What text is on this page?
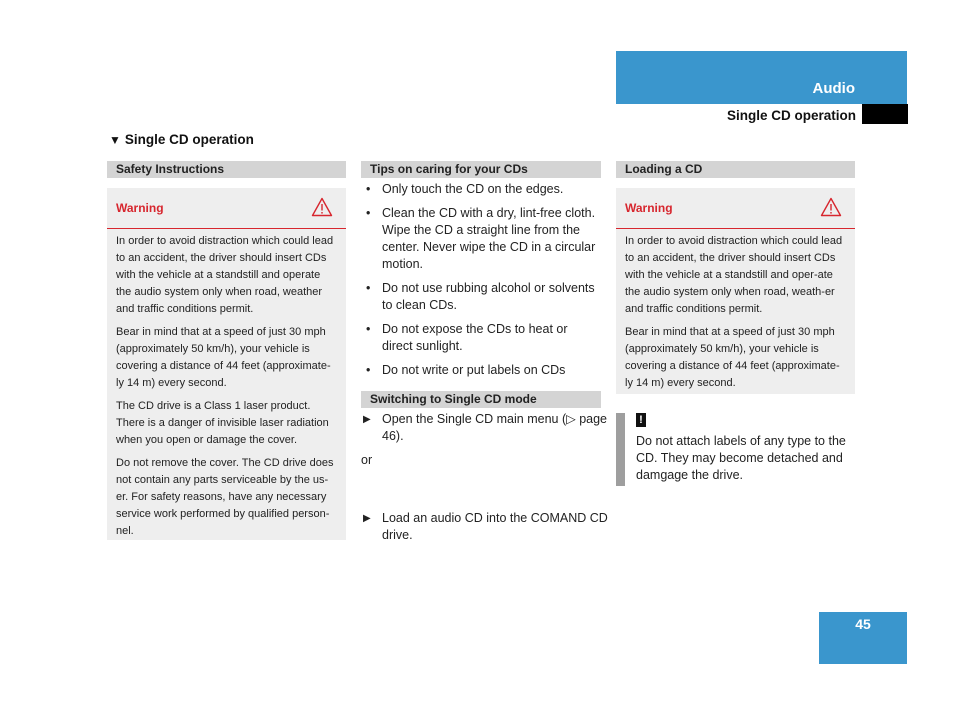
Audio
Single CD operation
▼ Single CD operation
Safety Instructions
Warning

In order to avoid distraction which could lead to an accident, the driver should insert CDs with the vehicle at a standstill and operate the audio system only when road, weather and traffic conditions permit.

Bear in mind that at a speed of just 30 mph (approximately 50 km/h), your vehicle is covering a distance of 44 feet (approximate-ly 14 m) every second.

The CD drive is a Class 1 laser product. There is a danger of invisible laser radiation when you open or damage the cover.

Do not remove the cover. The CD drive does not contain any parts serviceable by the us-er. For safety reasons, have any necessary service work performed by qualified person-nel.

Tips on caring for your CDs
• Only touch the CD on the edges.
• Clean the CD with a dry, lint-free cloth. Wipe the CD a straight line from the center. Never wipe the CD in a circular motion.
• Do not use rubbing alcohol or solvents to clean CDs.
• Do not expose the CDs to heat or direct sunlight.
• Do not write or put labels on CDs
Switching to Single CD mode
▶ Open the Single CD main menu (▷ page 46).
or
▶ Load an audio CD into the COMAND CD drive.
Loading a CD
Warning

In order to avoid distraction which could lead to an accident, the driver should insert CDs with the vehicle at a standstill and oper-ate the audio system only when road, weath-er and traffic conditions permit.

Bear in mind that at a speed of just 30 mph (approximately 50 km/h), your vehicle is covering a distance of 44 feet (approximate-ly 14 m) every second.

!
Do not attach labels of any type to the CD. They may become detached and damgage the drive.
45
